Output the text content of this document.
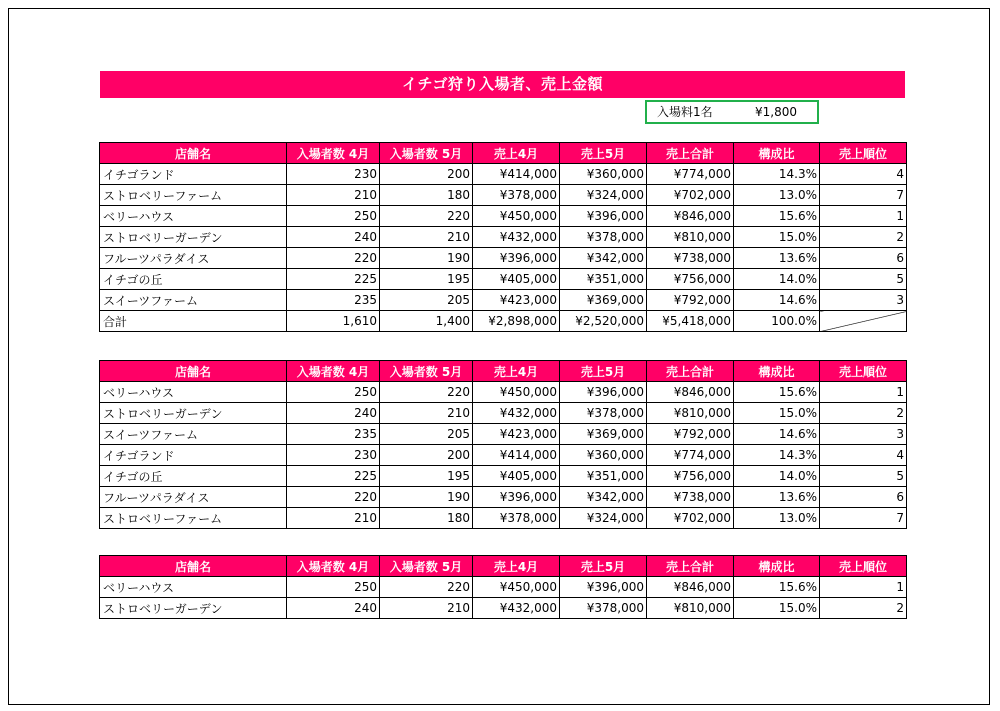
イチゴ狩り入場者、売上金額
入場料1名	¥1,800
店舗名	入場者数 4月	入場者数 5月	売上4月	売上5月	売上合計	構成比	売上順位
イチゴランド	230	200	¥414,000	¥360,000	¥774,000	14.3%	4
ストロベリーファーム	210	180	¥378,000	¥324,000	¥702,000	13.0%	7
ベリーハウス	250	220	¥450,000	¥396,000	¥846,000	15.6%	1
ストロベリーガーデン	240	210	¥432,000	¥378,000	¥810,000	15.0%	2
フルーツパラダイス	220	190	¥396,000	¥342,000	¥738,000	13.6%	6
イチゴの丘	225	195	¥405,000	¥351,000	¥756,000	14.0%	5
スイーツファーム	235	205	¥423,000	¥369,000	¥792,000	14.6%	3
合計	1,610	1,400	¥2,898,000	¥2,520,000	¥5,418,000	100.0%	
店舗名	入場者数 4月	入場者数 5月	売上4月	売上5月	売上合計	構成比	売上順位
ベリーハウス	250	220	¥450,000	¥396,000	¥846,000	15.6%	1
ストロベリーガーデン	240	210	¥432,000	¥378,000	¥810,000	15.0%	2
スイーツファーム	235	205	¥423,000	¥369,000	¥792,000	14.6%	3
イチゴランド	230	200	¥414,000	¥360,000	¥774,000	14.3%	4
イチゴの丘	225	195	¥405,000	¥351,000	¥756,000	14.0%	5
フルーツパラダイス	220	190	¥396,000	¥342,000	¥738,000	13.6%	6
ストロベリーファーム	210	180	¥378,000	¥324,000	¥702,000	13.0%	7
店舗名	入場者数 4月	入場者数 5月	売上4月	売上5月	売上合計	構成比	売上順位
ベリーハウス	250	220	¥450,000	¥396,000	¥846,000	15.6%	1
ストロベリーガーデン	240	210	¥432,000	¥378,000	¥810,000	15.0%	2
